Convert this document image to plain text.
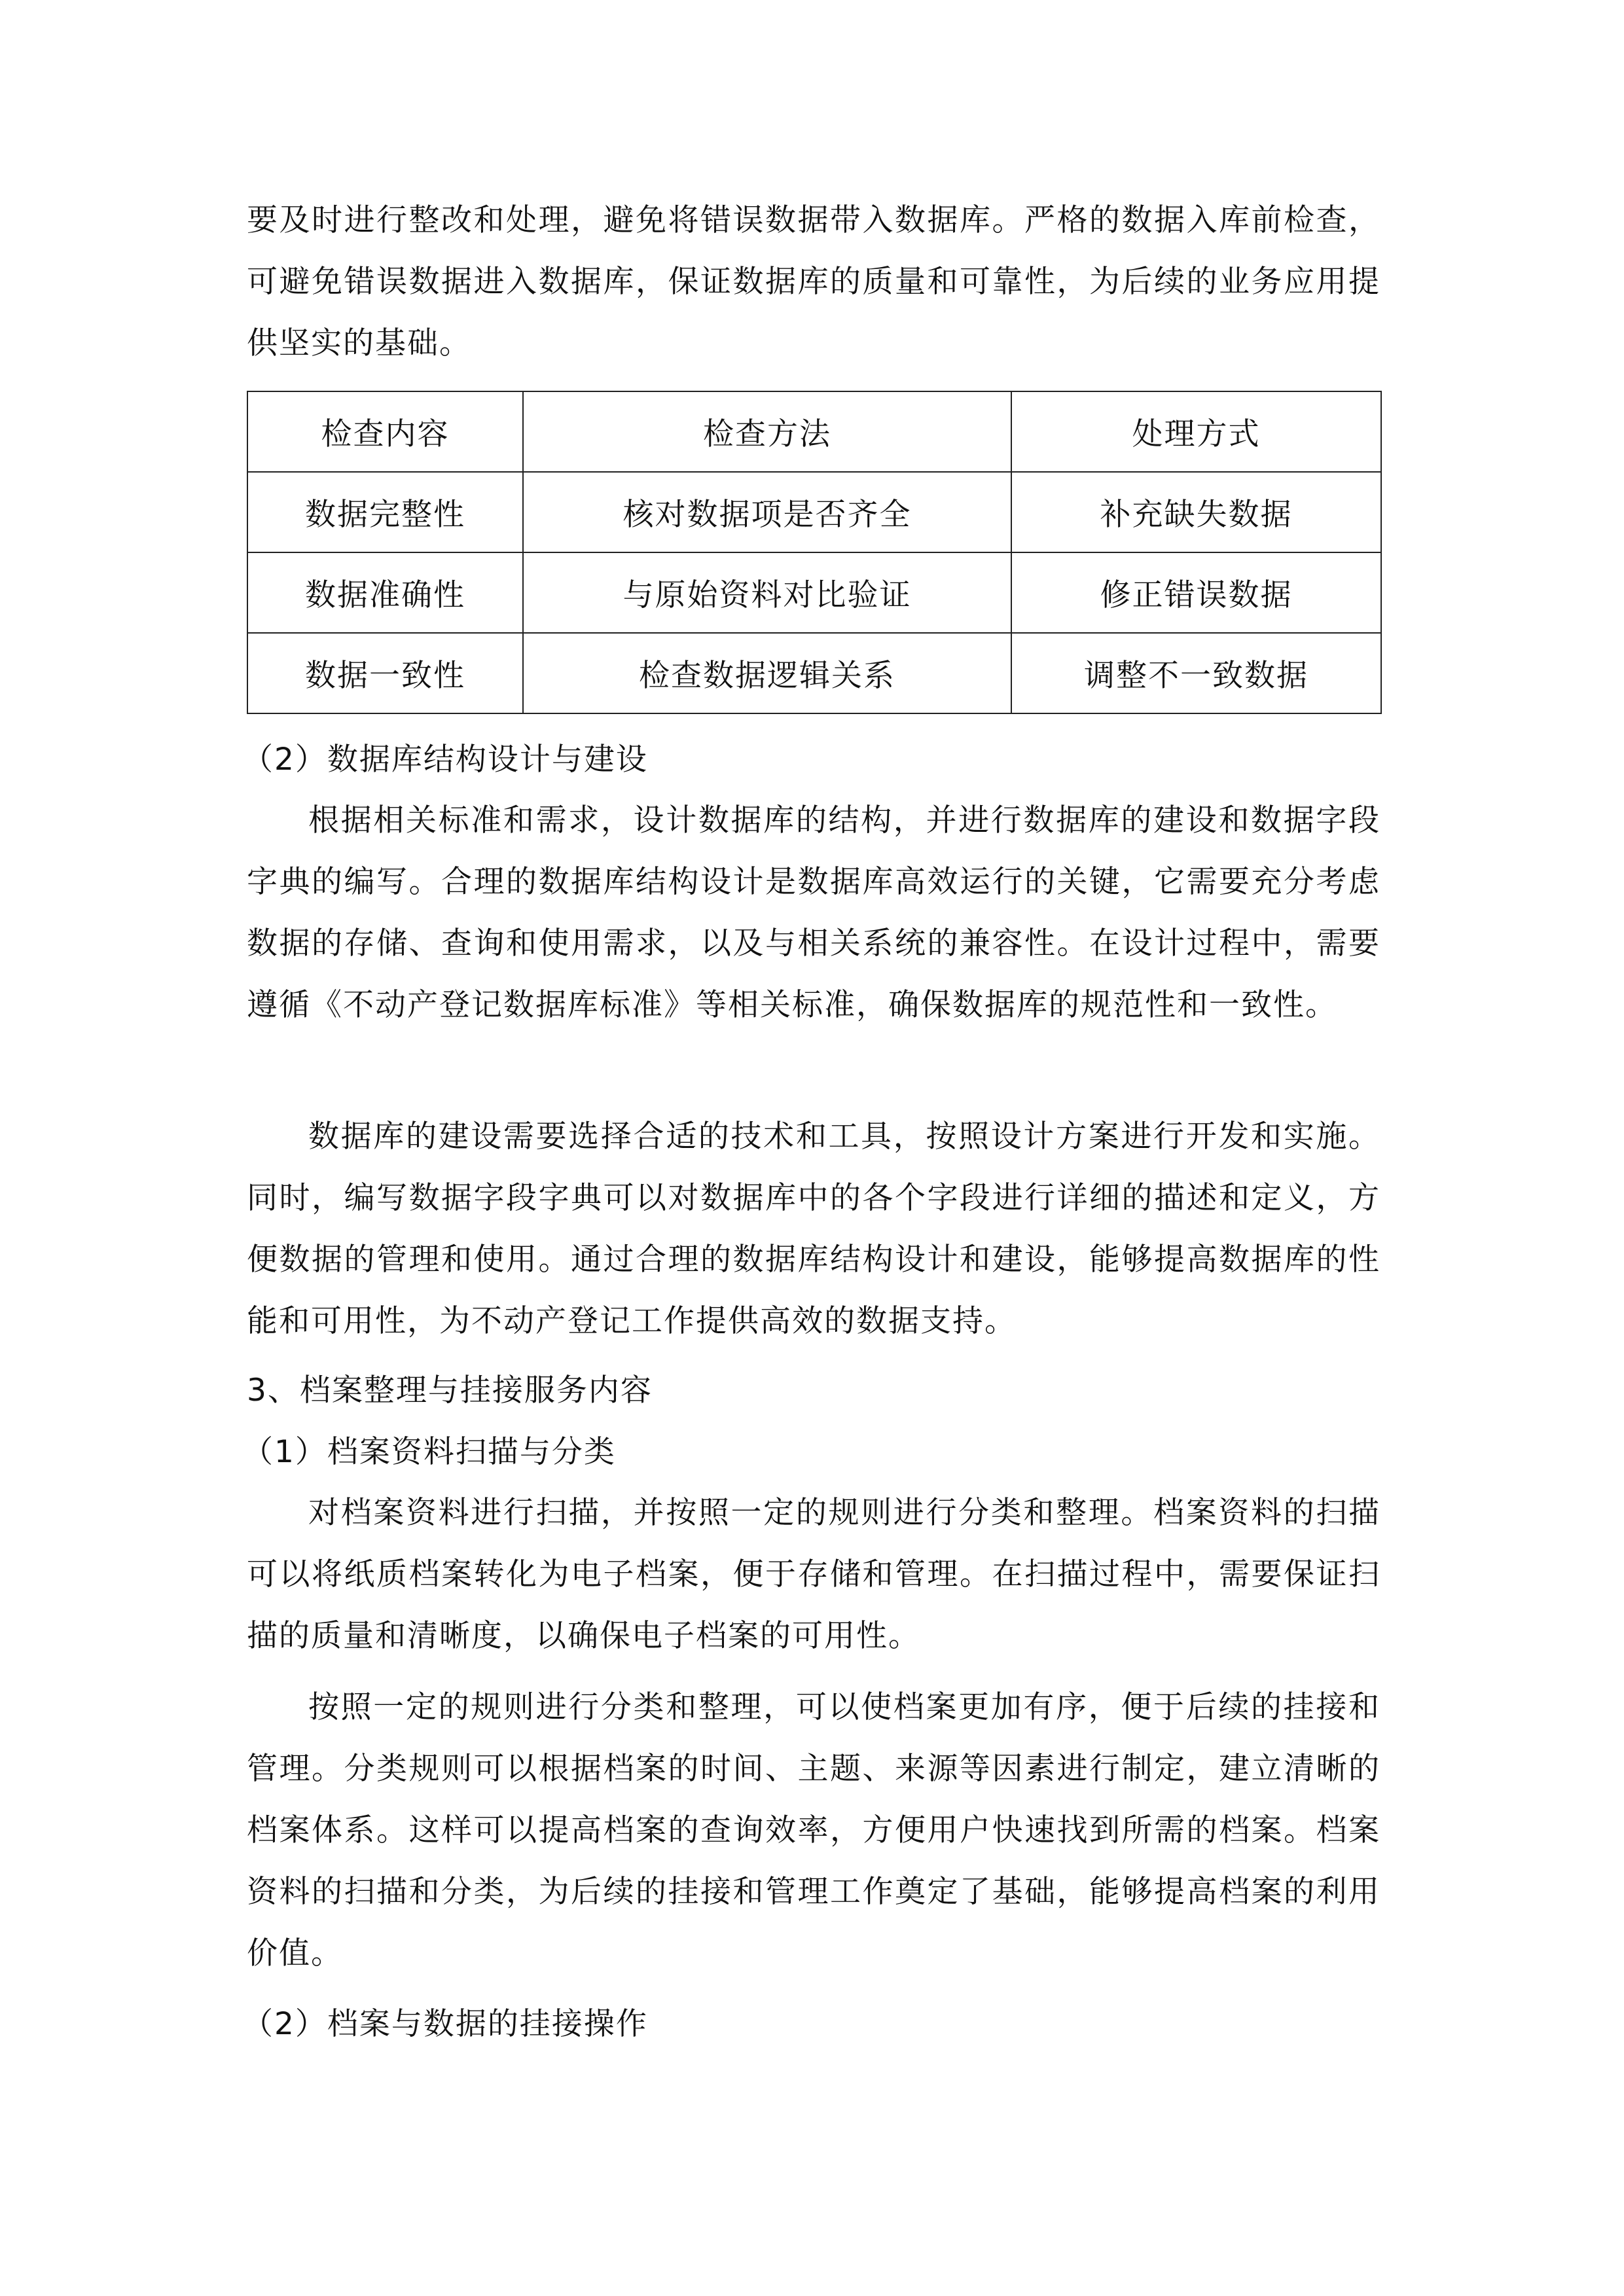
要及时进行整改和处理，避免将错误数据带入数据库。严格的数据入库前检查，可避免错误数据进入数据库，保证数据库的质量和可靠性，为后续的业务应用提供坚实的基础。

检查内容	检查方法	处理方式
数据完整性	核对数据项是否齐全	补充缺失数据
数据准确性	与原始资料对比验证	修正错误数据
数据一致性	检查数据逻辑关系	调整不一致数据

（2）数据库结构设计与建设

根据相关标准和需求，设计数据库的结构，并进行数据库的建设和数据字段字典的编写。合理的数据库结构设计是数据库高效运行的关键，它需要充分考虑数据的存储、查询和使用需求，以及与相关系统的兼容性。在设计过程中，需要遵循《不动产登记数据库标准》等相关标准，确保数据库的规范性和一致性。

数据库的建设需要选择合适的技术和工具，按照设计方案进行开发和实施。同时，编写数据字段字典可以对数据库中的各个字段进行详细的描述和定义，方便数据的管理和使用。通过合理的数据库结构设计和建设，能够提高数据库的性能和可用性，为不动产登记工作提供高效的数据支持。

3、档案整理与挂接服务内容

（1）档案资料扫描与分类

对档案资料进行扫描，并按照一定的规则进行分类和整理。档案资料的扫描可以将纸质档案转化为电子档案，便于存储和管理。在扫描过程中，需要保证扫描的质量和清晰度，以确保电子档案的可用性。

按照一定的规则进行分类和整理，可以使档案更加有序，便于后续的挂接和管理。分类规则可以根据档案的时间、主题、来源等因素进行制定，建立清晰的档案体系。这样可以提高档案的查询效率，方便用户快速找到所需的档案。档案资料的扫描和分类，为后续的挂接和管理工作奠定了基础，能够提高档案的利用价值。

（2）档案与数据的挂接操作
